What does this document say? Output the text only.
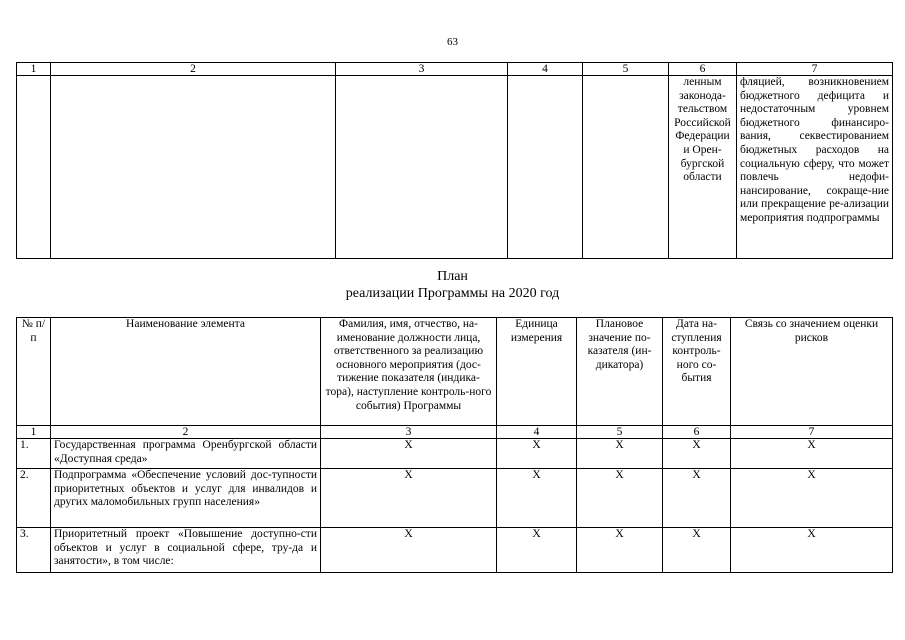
63
1	2	3	4	5	6	7
					ленным законода-тельством Российской Федерации и Орен-бургской области	фляцией, возникновением бюджетного дефицита и недостаточным уровнем бюджетного финансиро-вания, секвестированием бюджетных расходов на социальную сферу, что может повлечь недофи-нансирование, сокраще-ние или прекращение ре-ализации мероприятия подпрограммы
План
реализации Программы на 2020 год
№ п/п	Наименование элемента	Фамилия, имя, отчество, на-именование должности лица, ответственного за реализацию основного мероприятия (дос-тижение показателя (индика-тора), наступление контроль-ного события) Программы	Единица измерения	Плановое значение по-казателя (ин-дикатора)	Дата на-ступления контроль-ного со-бытия	Связь со значением оценки рисков
1	2	3	4	5	6	7
1.	Государственная программа Оренбургской области «Доступная среда»	X	X	X	X	X
2.	Подпрограмма «Обеспечение условий дос-тупности приоритетных объектов и услуг для инвалидов и других маломобильных групп населения»	X	X	X	X	X
3.	Приоритетный проект «Повышение доступно-сти объектов и услуг в социальной сфере, тру-да и занятости», в том числе:	X	X	X	X	X
